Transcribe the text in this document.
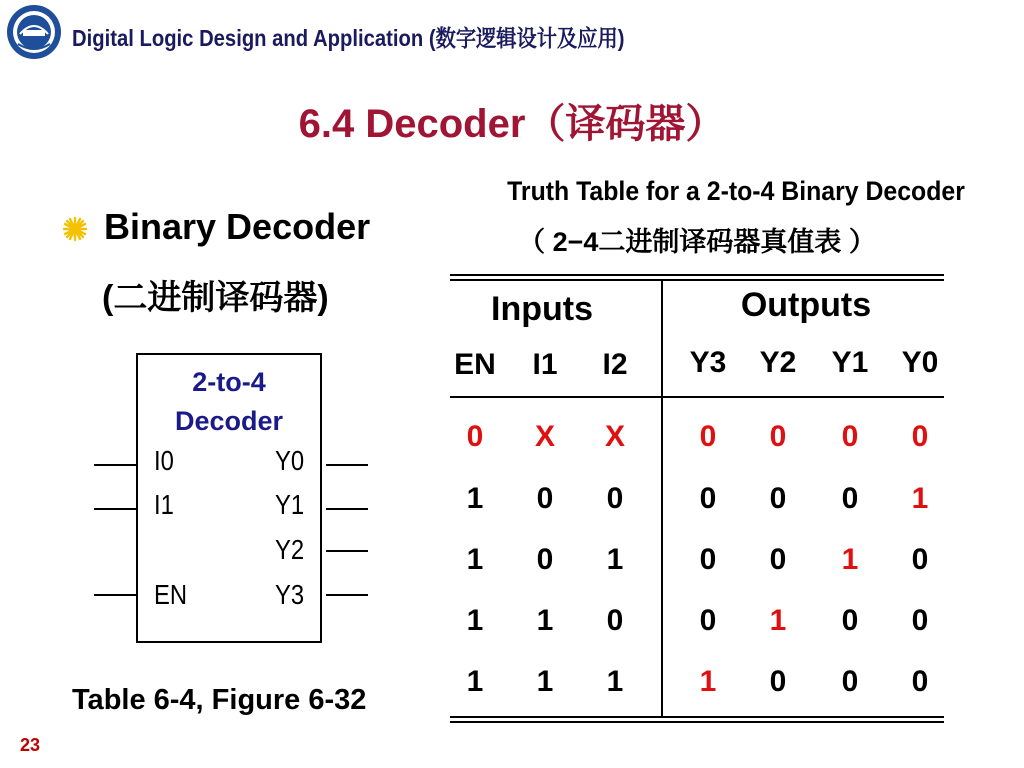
Digital Logic Design and Application (数字逻辑设计及应用)
6.4 Decoder（译码器）
Binary Decoder
(二进制译码器)
2-to-4
Decoder
I0
I1
EN
Y0
Y1
Y2
Y3
Table 6-4, Figure 6-32
23
Truth Table for a 2-to-4 Binary Decoder
（ 2−4二进制译码器真值表 ）
Inputs	Outputs
EN	I1	I2	Y3	Y2	Y1	Y0
0	X	X	0	0	0	0
1	0	0	0	0	0	1
1	0	1	0	0	1	0
1	1	0	0	1	0	0
1	1	1	1	0	0	0
